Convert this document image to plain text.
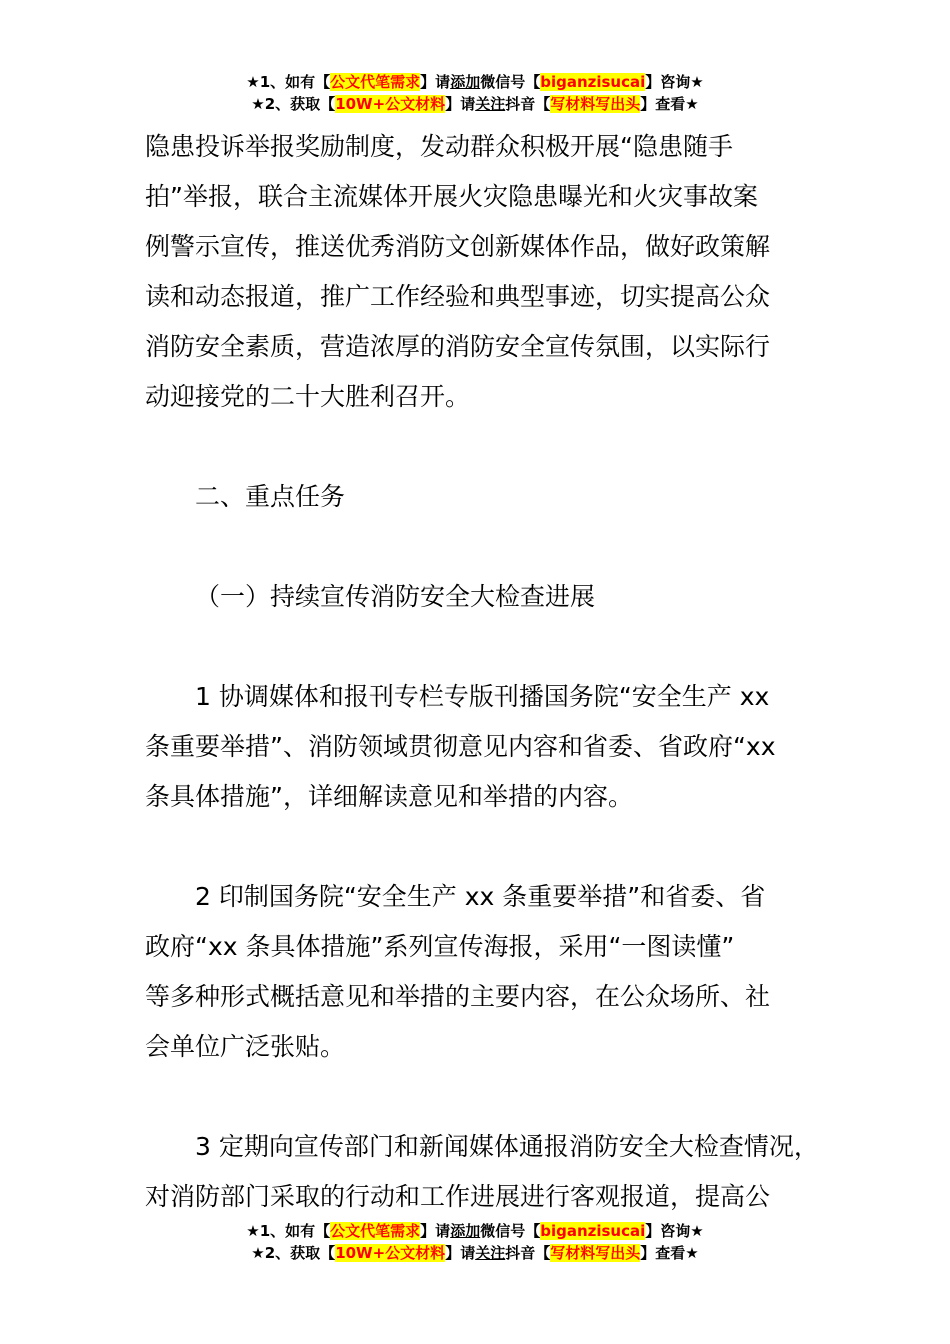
★1、如有【公文代笔需求】请添加微信号【biganzisucai】咨询★
★2、获取【10W+公文材料】请关注抖音【写材料写出头】查看★

隐患投诉举报奖励制度，发动群众积极开展“隐患随手

拍”举报，联合主流媒体开展火灾隐患曝光和火灾事故案

例警示宣传，推送优秀消防文创新媒体作品，做好政策解

读和动态报道，推广工作经验和典型事迹，切实提高公众

消防安全素质，营造浓厚的消防安全宣传氛围，以实际行

动迎接党的二十大胜利召开。

二、重点任务

（一）持续宣传消防安全大检查进展

1 协调媒体和报刊专栏专版刊播国务院“安全生产 xx

条重要举措”、消防领域贯彻意见内容和省委、省政府“xx

条具体措施”，详细解读意见和举措的内容。

2 印制国务院“安全生产 xx 条重要举措”和省委、省

政府“xx 条具体措施”系列宣传海报，采用“一图读懂”

等多种形式概括意见和举措的主要内容，在公众场所、社

会单位广泛张贴。

3 定期向宣传部门和新闻媒体通报消防安全大检查情况，

对消防部门采取的行动和工作进展进行客观报道，提高公

★1、如有【公文代笔需求】请添加微信号【biganzisucai】咨询★
★2、获取【10W+公文材料】请关注抖音【写材料写出头】查看★
